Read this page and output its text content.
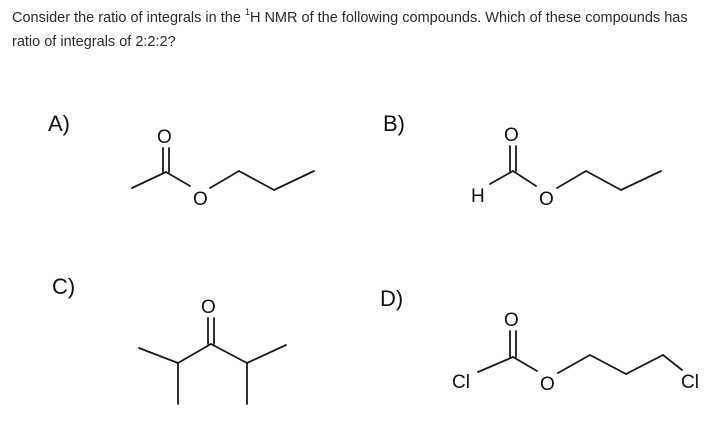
Consider the ratio of integrals in the $^1$H NMR of the following compounds. Which of these compounds has ratio of integrals of 2:2:2?
A)	B)
C)	D)
O
O
O
H	O
O
O
Cl	O	Cl
